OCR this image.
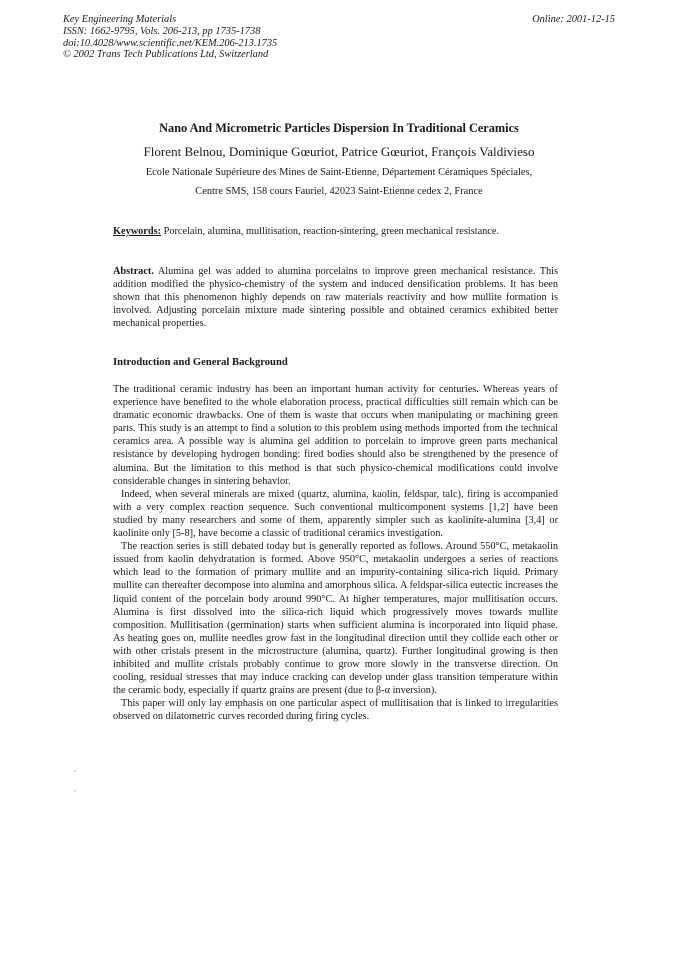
Key Engineering Materials
ISSN: 1662-9795, Vols. 206-213, pp 1735-1738
doi:10.4028/www.scientific.net/KEM.206-213.1735
© 2002 Trans Tech Publications Ltd, Switzerland
Online: 2001-12-15
Nano And Micrometric Particles Dispersion In Traditional Ceramics
Florent Belnou, Dominique Gœuriot, Patrice Gœuriot, François Valdivieso
Ecole Nationale Supérieure des Mines de Saint-Etienne, Département Céramiques Spéciales,
Centre SMS, 158 cours Fauriel, 42023 Saint-Etienne cedex 2, France
Keywords: Porcelain, alumina, mullitisation, reaction-sintering, green mechanical resistance.

Abstract. Alumina gel was added to alumina porcelains to improve green mechanical resistance. This addition modified the physico-chemistry of the system and induced densification problems. It has been shown that this phenomenon highly depends on raw materials reactivity and how mullite formation is involved. Adjusting porcelain mixture made sintering possible and obtained ceramics exhibited better mechanical properties.

Introduction and General Background

The traditional ceramic industry has been an important human activity for centuries. Whereas years of experience have benefited to the whole elaboration process, practical difficulties still remain which can be dramatic economic drawbacks. One of them is waste that occurs when manipulating or machining green parts. This study is an attempt to find a solution to this problem using methods imported from the technical ceramics area. A possible way is alumina gel addition to porcelain to improve green parts mechanical resistance by developing hydrogen bonding: fired bodies should also be strengthened by the presence of alumina. But the limitation to this method is that such physico-chemical modifications could involve considerable changes in sintering behavior.

Indeed, when several minerals are mixed (quartz, alumina, kaolin, feldspar, talc), firing is accompanied with a very complex reaction sequence. Such conventional multicomponent systems [1,2] have been studied by many researchers and some of them, apparently simpler such as kaolinite-alumina [3,4] or kaolinite only [5-8], have become a classic of traditional ceramics investigation.

The reaction series is still debated today but is generally reported as follows. Around 550°C, metakaolin issued from kaolin dehydratation is formed. Above 950°C, metakaolin undergoes a series of reactions which lead to the formation of primary mullite and an impurity-containing silica-rich liquid. Primary mullite can thereafter decompose into alumina and amorphous silica. A feldspar-silica eutectic increases the liquid content of the porcelain body around 990°C. At higher temperatures, major mullitisation occurs. Alumina is first dissolved into the silica-rich liquid which progressively moves towards mullite composition. Mullitisation (germination) starts when sufficient alumina is incorporated into liquid phase. As heating goes on, mullite needles grow fast in the longitudinal direction until they collide each other or with other cristals present in the microstructure (alumina, quartz). Further longitudinal growing is then inhibited and mullite cristals probably continue to grow more slowly in the transverse direction. On cooling, residual stresses that may induce cracking can develop under glass transition temperature within the ceramic body, especially if quartz grains are present (due to β-α inversion).

This paper will only lay emphasis on one particular aspect of mullitisation that is linked to irregularities observed on dilatometric curves recorded during firing cycles.
